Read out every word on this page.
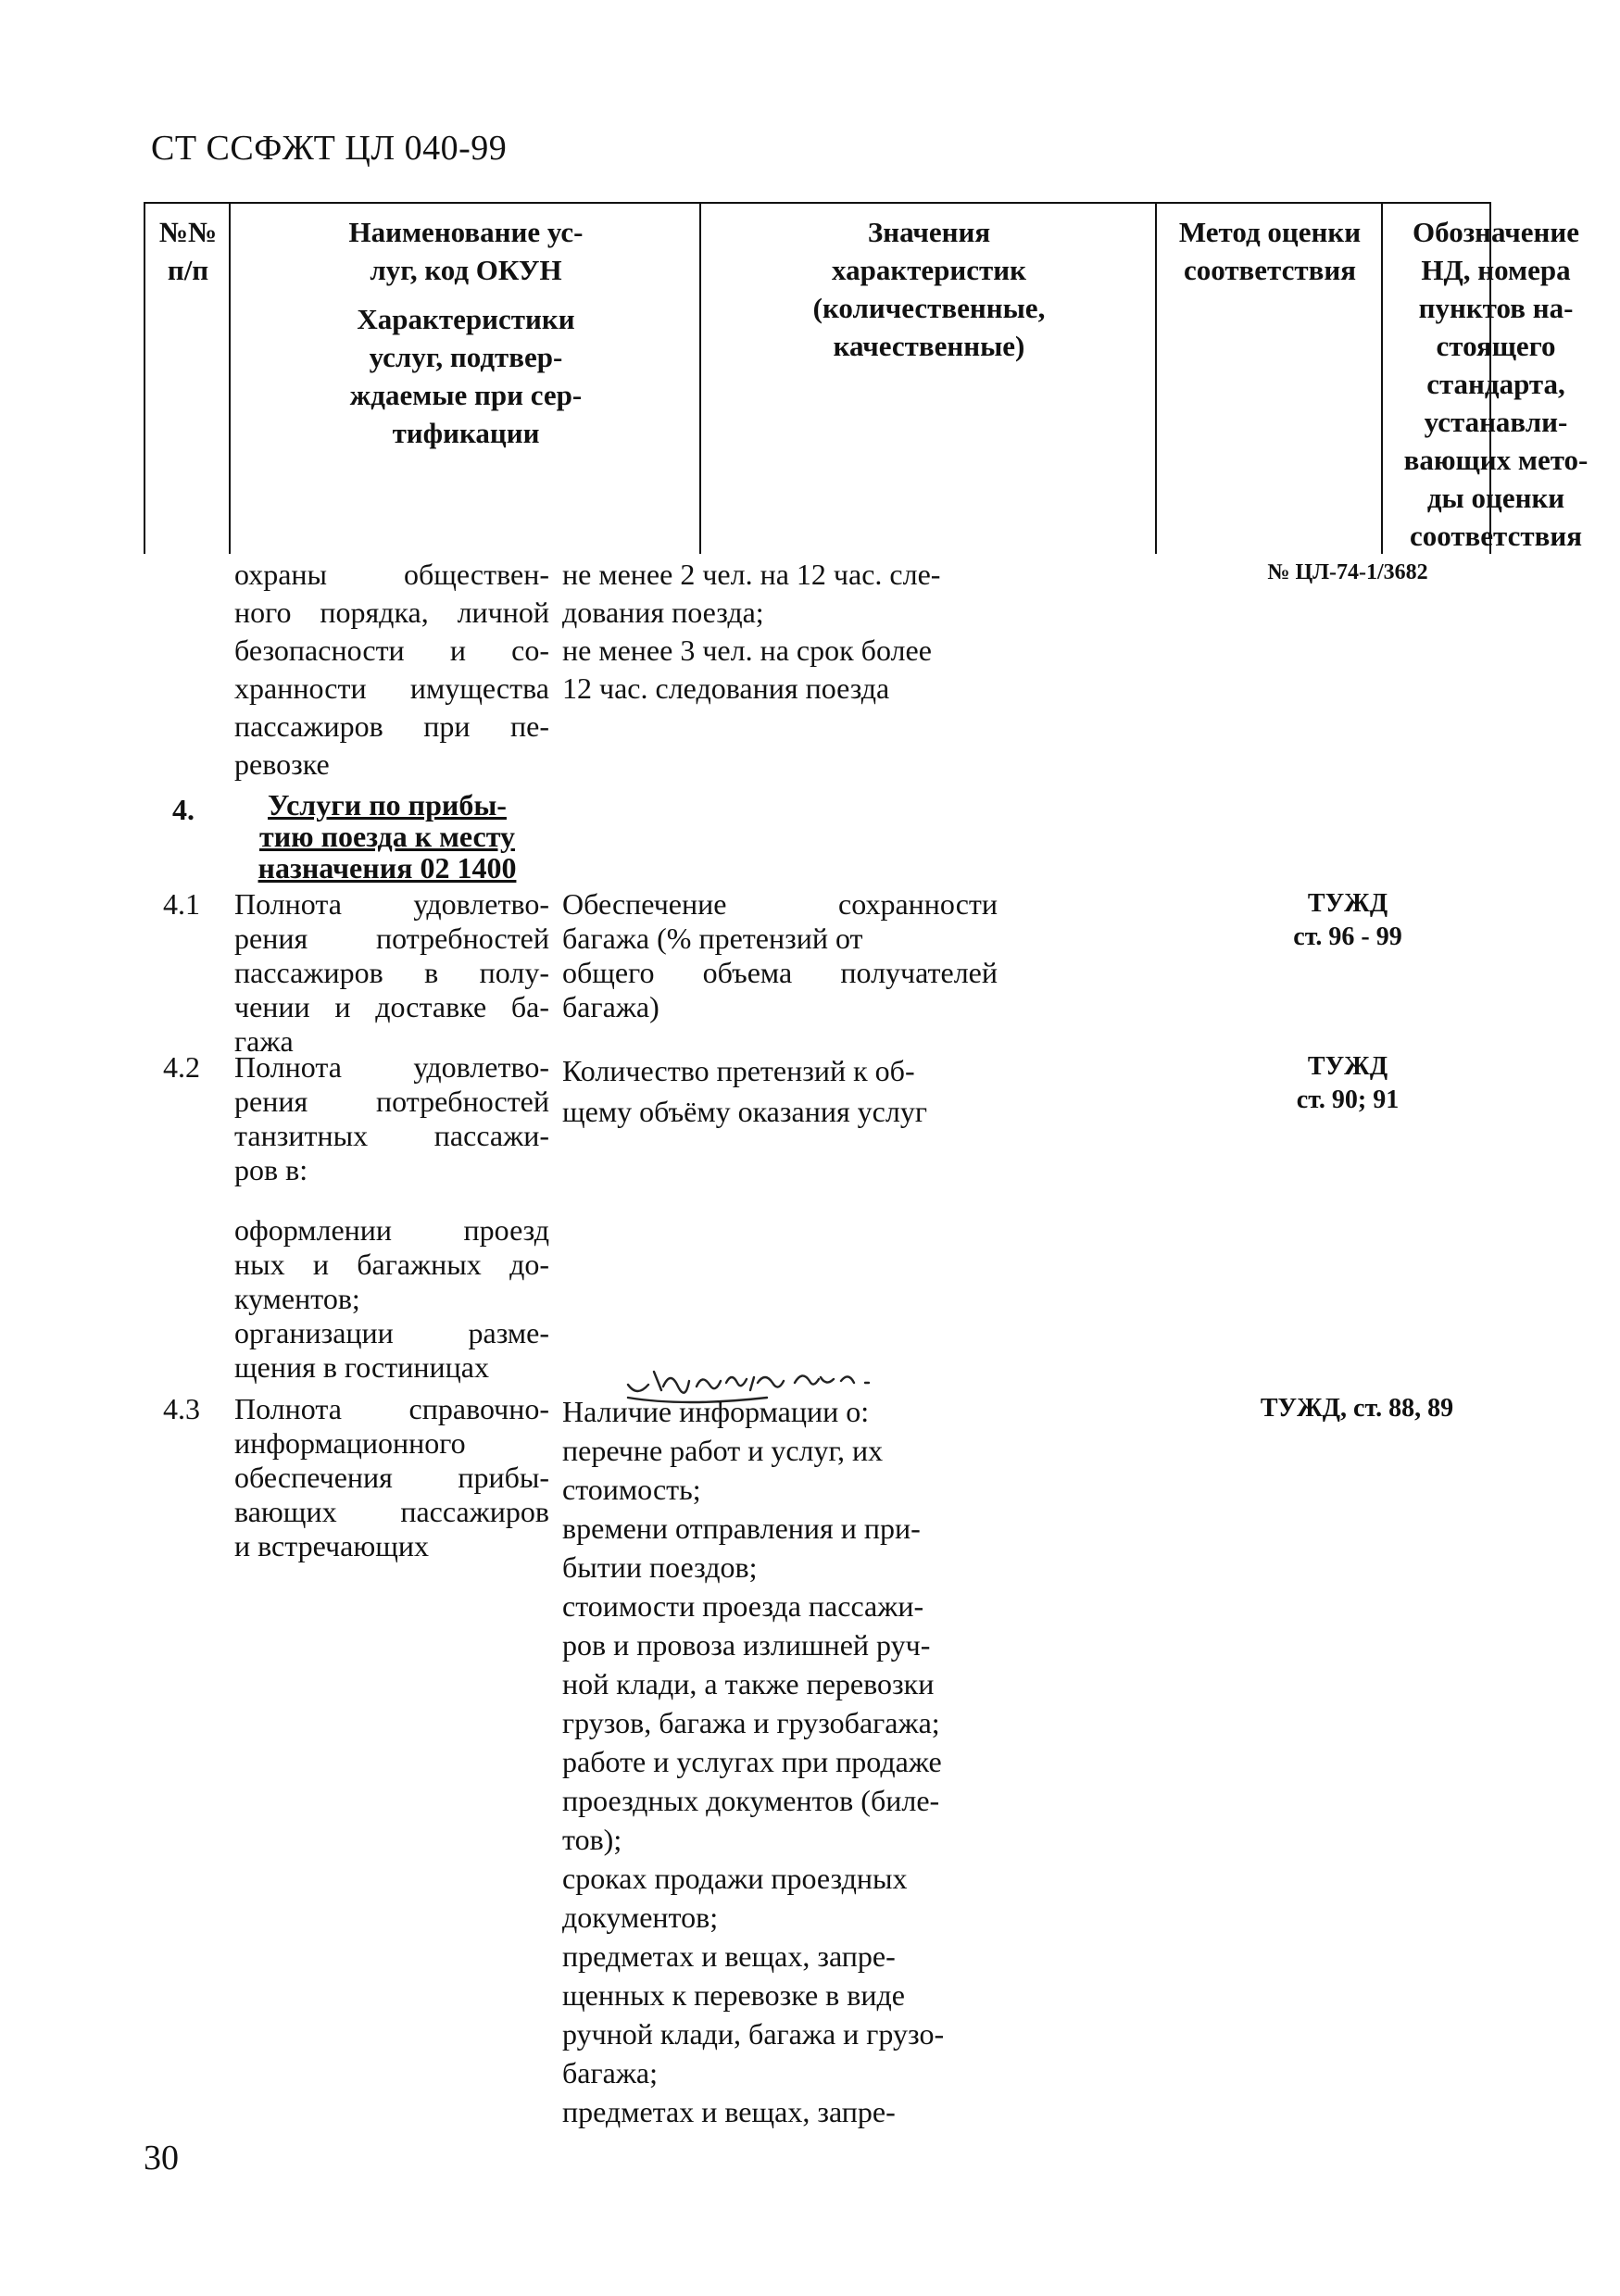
СТ ССФЖТ ЦЛ 040-99
№№
п/п
Наименование ус-
луг, код ОКУН
Характеристики
услуг, подтвер-
ждаемые при сер-
тификации
Значения
характеристик
(количественные,
качественные)
Метод оценки
соответствия
Обозначение
НД, номера
пунктов на-
стоящего
стандарта,
устанавли-
вающих мето-
ды оценки
соответствия
охраны обществен-
ного порядка, личной
безопасности и со-
хранности имущества
пассажиров при пе-
ревозке
не менее 2 чел. на 12 час. сле-
дования поезда;
не менее 3 чел. на срок более
12 час. следования поезда
№ ЦЛ-74-1/3682
4.	Услуги по прибы-
тию поезда к месту
назначения 02 1400
4.1 Полнота удовлетво-
рения потребностей
пассажиров в полу-
чении и доставке ба-
гажа
Обеспечение сохранности
багажа (% претензий от
общего объема получателей
багажа)
ТУЖД
ст. 96 - 99
4.2 Полнота удовлетво-
рения потребностей
танзитных пассажи-
ров в:
оформлении проезд
ных и багажных до-
кументов;
организации разме-
щения в гостиницах
Количество претензий к об-
щему объёму оказания услуг
ТУЖД
ст. 90; 91
4.3 Полнота справочно-
информационного
обеспечения прибы-
вающих пассажиров
и встречающих
Наличие информации о:
перечне работ и услуг, их
стоимость;
времени отправления и при-
бытии поездов;
стоимости проезда пассажи-
ров и провоза излишней руч-
ной клади, а также перевозки
грузов, багажа и грузобагажа;
работе и услугах при продаже
проездных документов (биле-
тов);
сроках продажи проездных
документов;
предметах и вещах, запре-
щенных к перевозке в виде
ручной клади, багажа и грузо-
багажа;
предметах и вещах, запре-
ТУЖД, ст. 88, 89
30
